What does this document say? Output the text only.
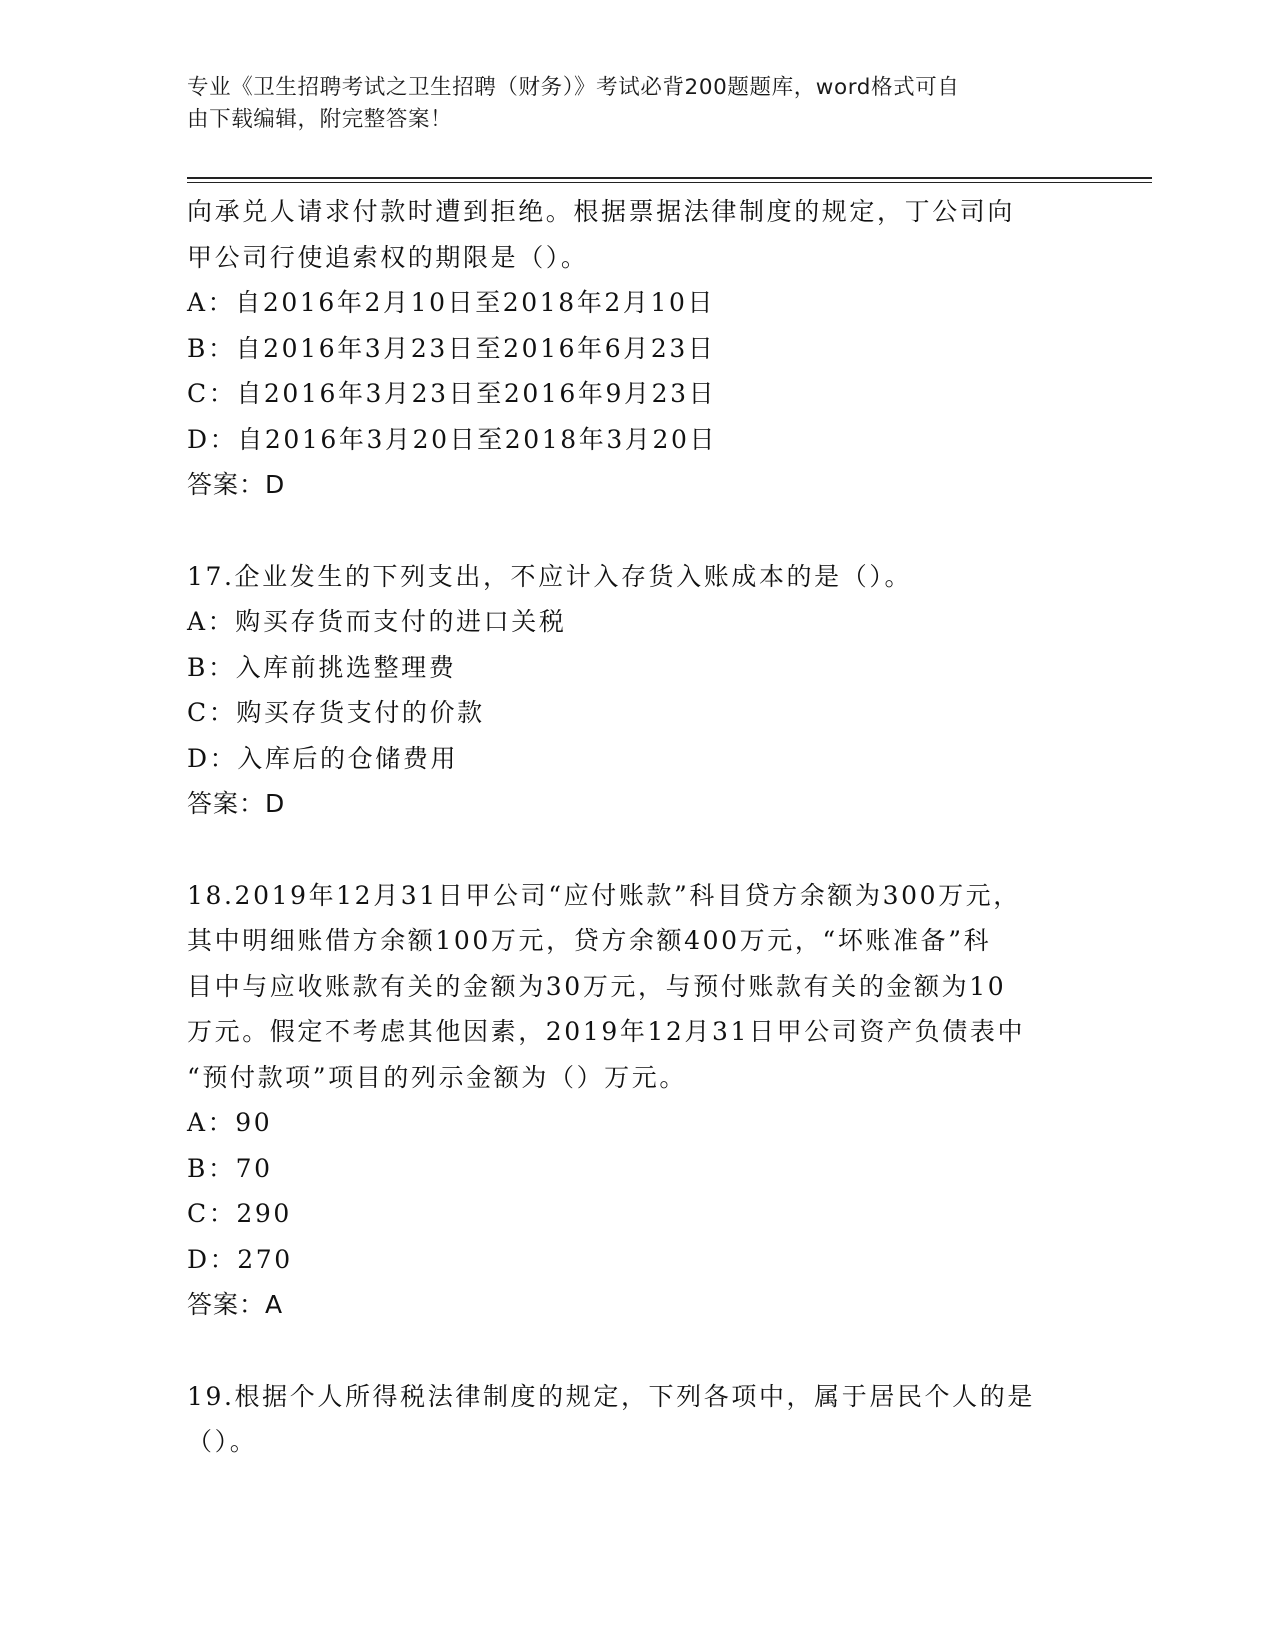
专业《卫生招聘考试之卫生招聘（财务）》考试必背200题题库，word格式可自
由下载编辑，附完整答案！
向承兑人请求付款时遭到拒绝。根据票据法律制度的规定，丁公司向
甲公司行使追索权的期限是（）。
A：自2016年2月10日至2018年2月10日
B：自2016年3月23日至2016年6月23日
C：自2016年3月23日至2016年9月23日
D：自2016年3月20日至2018年3月20日
答案：D
17.企业发生的下列支出，不应计入存货入账成本的是（）。
A：购买存货而支付的进口关税
B：入库前挑选整理费
C：购买存货支付的价款
D：入库后的仓储费用
答案：D
18.2019年12月31日甲公司“应付账款”科目贷方余额为300万元，
其中明细账借方余额100万元，贷方余额400万元，“坏账准备”科
目中与应收账款有关的金额为30万元，与预付账款有关的金额为10
万元。假定不考虑其他因素，2019年12月31日甲公司资产负债表中
“预付款项”项目的列示金额为（）万元。
A：90
B：70
C：290
D：270
答案：A
19.根据个人所得税法律制度的规定，下列各项中，属于居民个人的是
（）。
